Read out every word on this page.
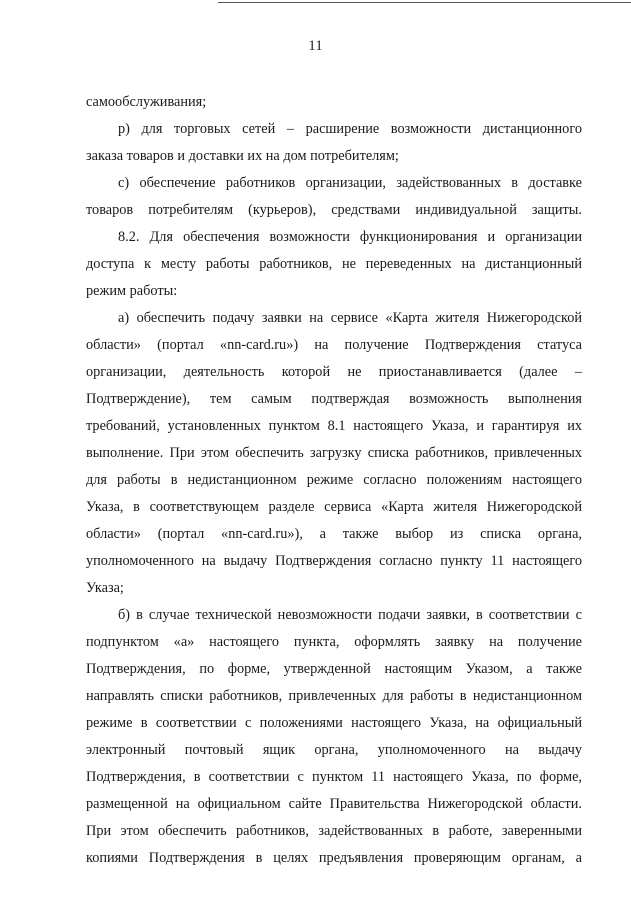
11
самообслуживания;
р) для торговых сетей – расширение возможности дистанционного
заказа товаров и доставки их на дом потребителям;
с) обеспечение работников организации, задействованных в доставке
товаров потребителям (курьеров), средствами индивидуальной защиты.
8.2. Для обеспечения возможности функционирования и организации
доступа к месту работы работников, не переведенных на дистанционный
режим работы:
а) обеспечить подачу заявки на сервисе «Карта жителя Нижегородской
области» (портал «nn-card.ru») на получение Подтверждения статуса
организации, деятельность которой не приостанавливается (далее –
Подтверждение), тем самым подтверждая возможность выполнения
требований, установленных пунктом 8.1 настоящего Указа, и гарантируя их
выполнение. При этом обеспечить загрузку списка работников, привлеченных
для работы в недистанционном режиме согласно положениям настоящего
Указа, в соответствующем разделе сервиса «Карта жителя Нижегородской
области» (портал «nn-card.ru»), а также выбор из списка органа,
уполномоченного на выдачу Подтверждения согласно пункту 11 настоящего
Указа;
б) в случае технической невозможности подачи заявки, в соответствии с
подпунктом «а» настоящего пункта, оформлять заявку на получение
Подтверждения, по форме, утвержденной настоящим Указом, а также
направлять списки работников, привлеченных для работы в недистанционном
режиме в соответствии с положениями настоящего Указа, на официальный
электронный почтовый ящик органа, уполномоченного на выдачу
Подтверждения, в соответствии с пунктом 11 настоящего Указа, по форме,
размещенной на официальном сайте Правительства Нижегородской области.
При этом обеспечить работников, задействованных в работе, заверенными
копиями Подтверждения в целях предъявления проверяющим органам, а
